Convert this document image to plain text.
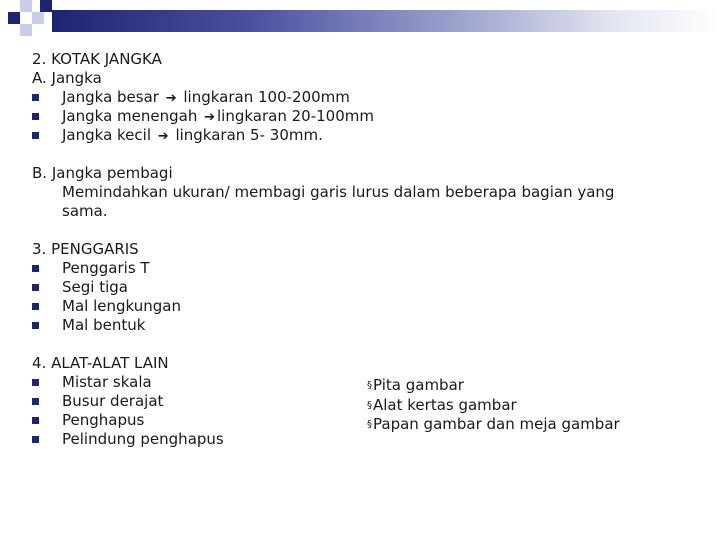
2. KOTAK JANGKA
A. Jangka
Jangka besar ➔ lingkaran 100-200mm
Jangka menengah ➔ lingkaran 20-100mm
Jangka kecil ➔ lingkaran 5- 30mm.
B. Jangka pembagi
Memindahkan ukuran/ membagi garis lurus dalam beberapa bagian yang sama.
3. PENGGARIS
Penggaris T
Segi tiga
Mal lengkungan
Mal bentuk
4. ALAT-ALAT LAIN
Mistar skala
Busur derajat
Penghapus
Pelindung penghapus
§Pita gambar
§Alat kertas gambar
§Papan gambar dan meja gambar
